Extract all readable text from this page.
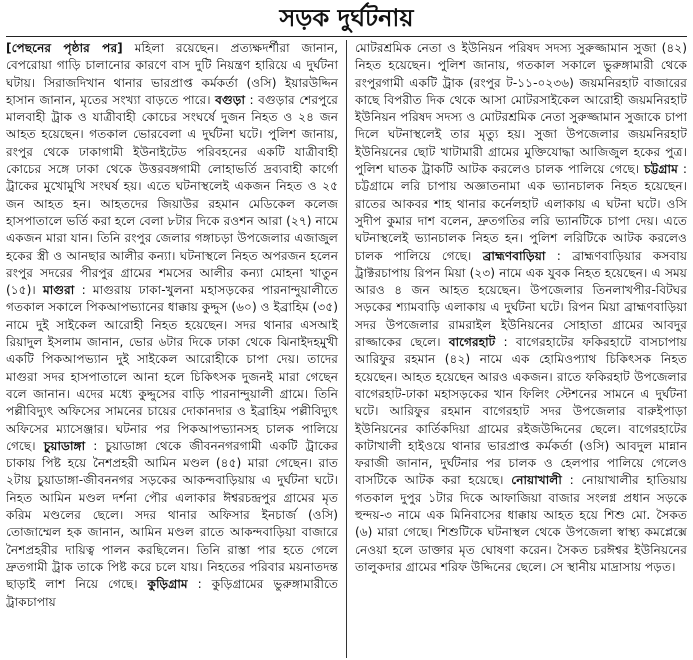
সড়ক দুর্ঘটনায়

[পেছনের পৃষ্ঠার পর] মহিলা রয়েছেন। প্রত্যক্ষদর্শীরা জানান, বেপরোয়া গাড়ি চালানোর কারণে বাস দুটি নিয়ন্ত্রণ হারিয়ে এ দুর্ঘটনা ঘটায়। সিরাজদিখান থানার ভারপ্রাপ্ত কর্মকর্তা (ওসি) ইয়ারউদ্দিন হাসান জানান, মৃতের সংখ্যা বাড়তে পারে। বগুড়া : বগুড়ার শেরপুরে মালবাহী ট্রাক ও যাত্রীবাহী কোচের সংঘর্ষে দুজন নিহত ও ২৪ জন আহত হয়েছেন। গতকাল ভোরবেলা এ দুর্ঘটনা ঘটে। পুলিশ জানায়, রংপুর থেকে ঢাকাগামী ইউনাইটেড পরিবহনের একটি যাত্রীবাহী কোচের সঙ্গে ঢাকা থেকে উত্তরবঙ্গগামী লোহাভর্তি দ্রব্যবাহী কার্গো ট্রাকের মুখোমুখি সংঘর্ষ হয়। এতে ঘটনাস্থলেই একজন নিহত ও ২৫ জন আহত হন। আহতদের জিয়াউর রহমান মেডিকেল কলেজ হাসপাতালে ভর্তি করা হলে বেলা ৮টার দিকে রওশন আরা (২৭) নামে একজন মারা যান। তিনি রংপুর জেলার গঙ্গাচড়া উপজেলার এজাজুল হকের স্ত্রী ও আনছার আলীর কন্যা। ঘটনাস্থলে নিহত অপরজন হলেন রংপুর সদরের পীরপুর গ্রামের শমসের আলীর কন্যা মোহনা খাতুন (১৫)। মাগুরা : মাগুরায় ঢাকা-খুলনা মহাসড়কের পারনান্দুয়ালীতে গতকাল সকালে পিকআপভ্যানের ধাক্কায় কুদ্দুস (৬০) ও ইব্রাহিম (৩৫) নামে দুই সাইকেল আরোহী নিহত হয়েছেন। সদর থানার এসআই রিয়াদুল ইসলাম জানান, ভোর ৬টার দিকে ঢাকা থেকে ঝিনাইদহমুখী একটি পিকআপভ্যান দুই সাইকেল আরোহীকে চাপা দেয়। তাদের মাগুরা সদর হাসপাতালে আনা হলে চিকিৎসক দুজনই মারা গেছেন বলে জানান। এদের মধ্যে কুদ্দুসের বাড়ি পারনান্দুয়ালী গ্রামে। তিনি পল্লীবিদ্যুৎ অফিসের সামনের চায়ের দোকানদার ও ইব্রাহিম পল্লীবিদ্যুৎ অফিসের ম্যাসেঞ্জার। ঘটনার পর পিকআপভ্যানসহ চালক পালিয়ে গেছে। চুয়াডাঙ্গা : চুয়াডাঙ্গা থেকে জীবননগরগামী একটি ট্রাকের চাকায় পিষ্ট হয়ে নৈশপ্রহরী আমিন মণ্ডল (৪৫) মারা গেছেন। রাত ২টায় চুয়াডাঙ্গা-জীবননগর সড়কের আকন্দবাড়িয়ায় এ দুর্ঘটনা ঘটে। নিহত আমিন মণ্ডল দর্শনা পৌর এলাকার ঈশ্বরচন্দ্রপুর গ্রামের মৃত করিম মণ্ডলের ছেলে। সদর থানার অফিসার ইনচার্জ (ওসি) তোজাম্মেল হক জানান, আমিন মণ্ডল রাতে আকন্দবাড়িয়া বাজারে নৈশপ্রহরীর দায়িত্ব পালন করছিলেন। তিনি রাস্তা পার হতে গেলে দ্রুতগামী ট্রাক তাকে পিষ্ট করে চলে যায়। নিহতের পরিবার ময়নাতদন্ত ছাড়াই লাশ নিয়ে গেছে। কুড়িগ্রাম : কুড়িগ্রামের ভুরুঙ্গামারীতে ট্রাকচাপায়

মোটরশ্রমিক নেতা ও ইউনিয়ন পরিষদ সদস্য সুরুজ্জামান সুজা (৪২) নিহত হয়েছেন। পুলিশ জানায়, গতকাল সকালে ভুরুঙ্গামারী থেকে রংপুরগামী একটি ট্রাক (রংপুর ট-১১-০২৩৬) জয়মনিরহাট বাজারের কাছে বিপরীত দিক থেকে আসা মোটরসাইকেল আরোহী জয়মনিরহাট ইউনিয়ন পরিষদ সদস্য ও মোটরশ্রমিক নেতা সুরুজ্জামান সুজাকে চাপা দিলে ঘটনাস্থলেই তার মৃত্যু হয়। সুজা উপজেলার জয়মনিরহাট ইউনিয়নের ছোট খাটামারী গ্রামের মুক্তিযোদ্ধা আজিজুল হকের পুত্র। পুলিশ ঘাতক ট্রাকটি আটক করলেও চালক পালিয়ে গেছে। চট্টগ্রাম : চট্টগ্রামে লরি চাপায় অজ্ঞাতনামা এক ভ্যানচালক নিহত হয়েছেন। রাতের আকবর শাহ থানার কর্নেলহাট এলাকায় এ ঘটনা ঘটে। ওসি সুদীপ কুমার দাশ বলেন, দ্রুতগতির লরি ভ্যানটিকে চাপা দেয়। এতে ঘটনাস্থলেই ভ্যানচালক নিহত হন। পুলিশ লরিটিকে আটক করলেও চালক পালিয়ে গেছে। ব্রাহ্মণবাড়িয়া : ব্রাহ্মণবাড়িয়ার কসবায় ট্রাক্টরচাপায় রিপন মিয়া (২৩) নামে এক যুবক নিহত হয়েছেন। এ সময় আরও ৪ জন আহত হয়েছেন। উপজেলার তিনলাখপীর-বিটঘর সড়কের শ্যামবাড়ি এলাকায় এ দুর্ঘটনা ঘটে। রিপন মিয়া ব্রাহ্মণবাড়িয়া সদর উপজেলার রামরাইল ইউনিয়নের সোহাতা গ্রামের আবদুর রাজ্জাকের ছেলে। বাগেরহাট : বাগেরহাটের ফকিরহাটে বাসচাপায় আরিফুর রহমান (৪২) নামে এক হোমিওপ্যাথ চিকিৎসক নিহত হয়েছেন। আহত হয়েছেন আরও একজন। রাতে ফকিরহাট উপজেলার বাগেরহাট-ঢাকা মহাসড়কের খান ফিলিং স্টেশনের সামনে এ দুর্ঘটনা ঘটে। আরিফুর রহমান বাগেরহাট সদর উপজেলার বারুইপাড়া ইউনিয়নের কার্তিকদিয়া গ্রামের রইজউদ্দিনের ছেলে। বাগেরহাটের কাটাখালী হাইওয়ে থানার ভারপ্রাপ্ত কর্মকর্তা (ওসি) আবদুল মান্নান ফরাজী জানান, দুর্ঘটনার পর চালক ও হেলপার পালিয়ে গেলেও বাসটিকে আটক করা হয়েছে। নোয়াখালী : নোয়াখালীর হাতিয়ায় গতকাল দুপুর ১টার দিকে আফাজিয়া বাজার সংলগ্ন প্রধান সড়কে হুন্দয়-৩ নামে এক মিনিবাসের ধাক্কায় আহত হয়ে শিশু মো. সৈকত (৬) মারা গেছে। শিশুটিকে ঘটনাস্থল থেকে উপজেলা স্বাস্থ্য কমপ্লেক্সে নেওয়া হলে ডাক্তার মৃত ঘোষণা করেন। সৈকত চরঈশ্বর ইউনিয়নের তালুকদার গ্রামের শরিফ উদ্দিনের ছেলে। সে স্থানীয় মাদ্রাসায় পড়ত।
